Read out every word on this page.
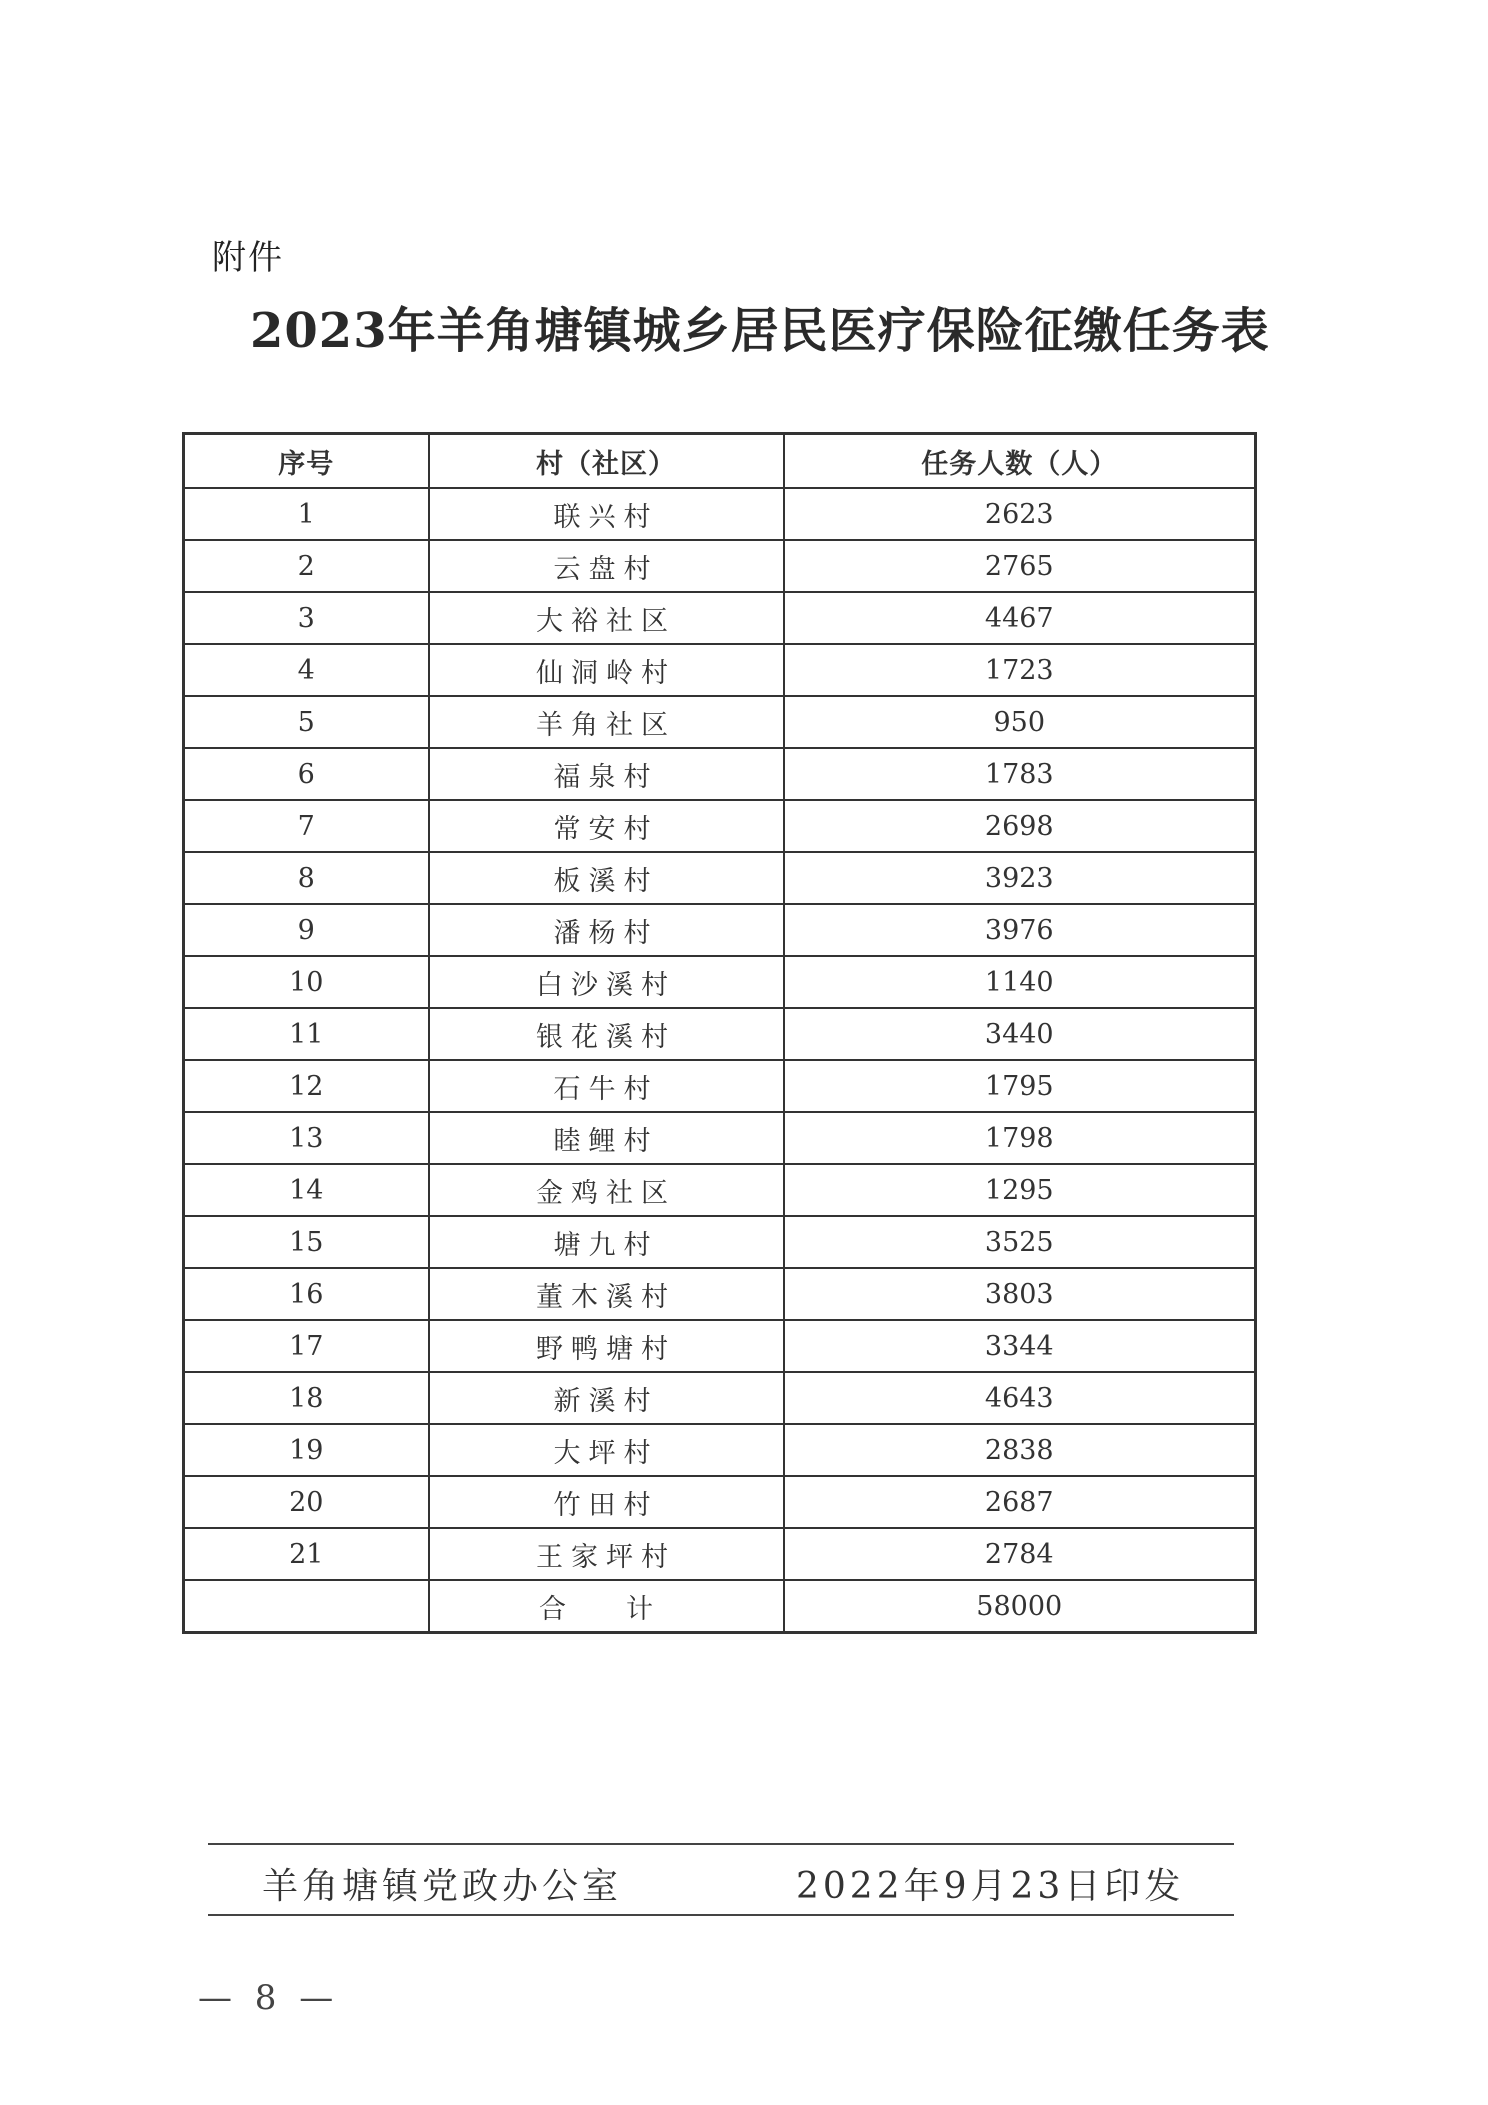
附件
2023年羊角塘镇城乡居民医疗保险征缴任务表
序号	村（社区）	任务人数（人）
1	联兴村	2623
2	云盘村	2765
3	大裕社区	4467
4	仙洞岭村	1723
5	羊角社区	950
6	福泉村	1783
7	常安村	2698
8	板溪村	3923
9	潘杨村	3976
10	白沙溪村	1140
11	银花溪村	3440
12	石牛村	1795
13	睦鲤村	1798
14	金鸡社区	1295
15	塘九村	3525
16	董木溪村	3803
17	野鸭塘村	3344
18	新溪村	4643
19	大坪村	2838
20	竹田村	2687
21	王家坪村	2784
	合计	58000
羊角塘镇党政办公室	2022年9月23日印发
— 8 —
